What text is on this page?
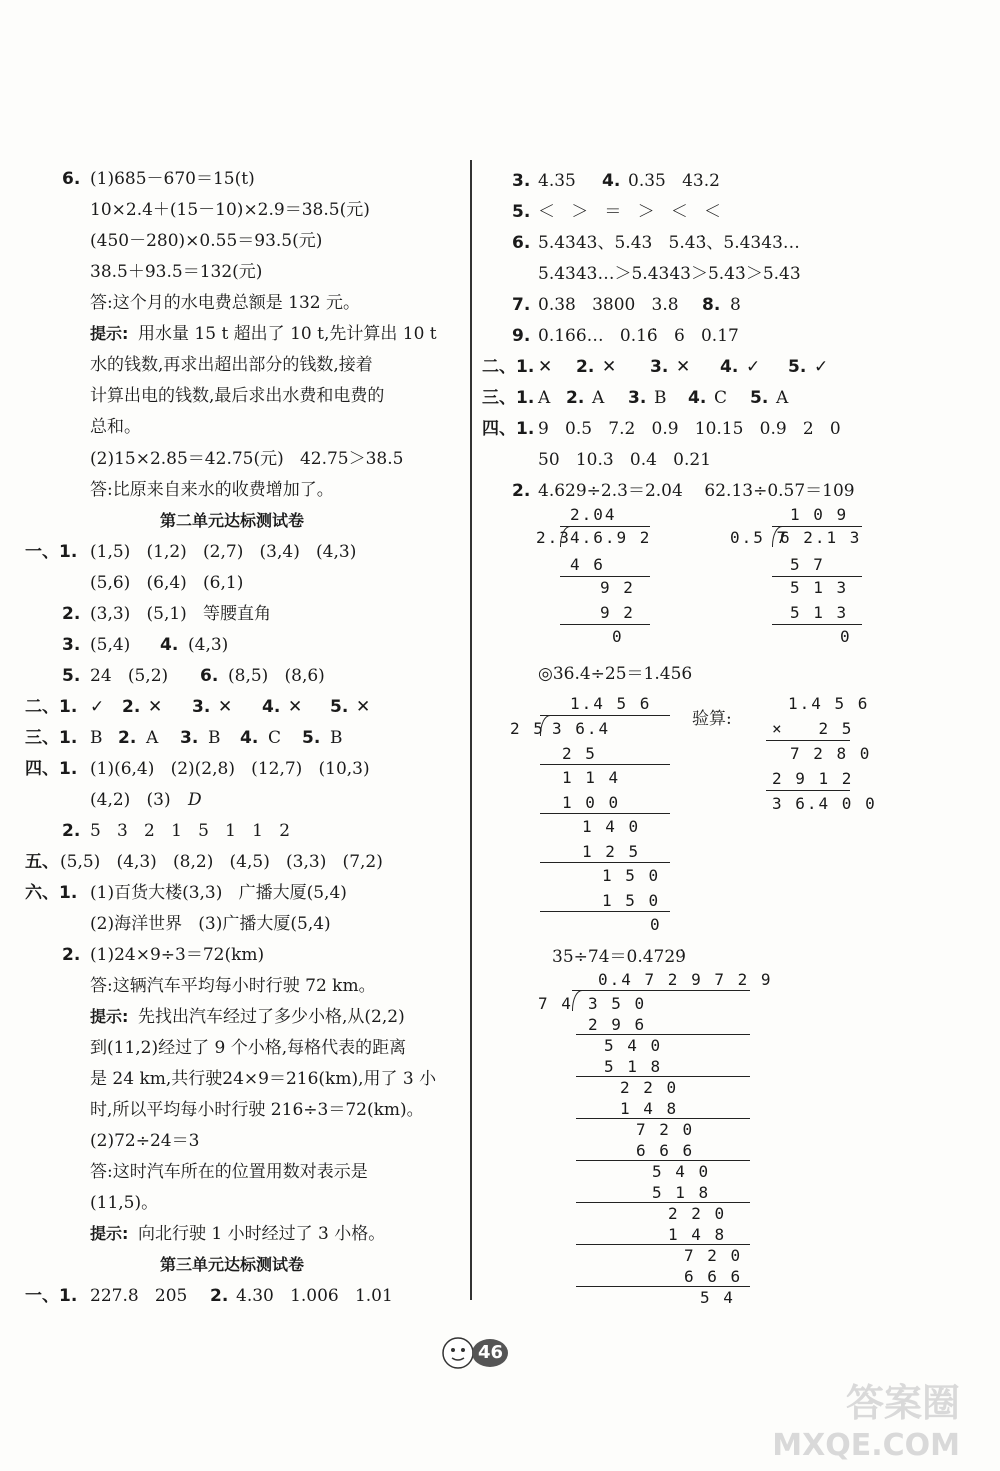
6. (1)685－670＝15(t)
10×2.4＋(15－10)×2.9＝38.5(元)
(450－280)×0.55＝93.5(元)
38.5＋93.5＝132(元)
答:这个月的水电费总额是 132 元。
提示: 用水量 15 t 超出了 10 t,先计算出 10 t
水的钱数,再求出超出部分的钱数,接着
计算出电的钱数,最后求出水费和电费的
总和。
(2)15×2.85＝42.75(元)   42.75＞38.5
答:比原来自来水的收费增加了。
第二单元达标测试卷
一、1. (1,5)   (1,2)   (2,7)   (3,4)   (4,3)
(5,6)   (6,4)   (6,1)
2. (3,3)   (5,1)   等腰直角
3. (5,4) 4. (4,3)
5. 24   (5,2) 6. (8,5)   (8,6)
二、1. ✓ 2. ✕ 3. ✕ 4. ✕ 5. ✕
三、1. B 2. A 3. B 4. C 5. B
四、1. (1)(6,4)   (2)(2,8)   (12,7)   (10,3)
(4,2)   (3) D
2. 5   3   2   1   5   1   1   2
五、 (5,5)   (4,3)   (8,2)   (4,5)   (3,3)   (7,2)
六、1. (1)百货大楼(3,3)   广播大厦(5,4)
(2)海洋世界   (3)广播大厦(5,4)
2. (1)24×9÷3＝72(km)
答:这辆汽车平均每小时行驶 72 km。
提示: 先找出汽车经过了多少小格,从(2,2)
到(11,2)经过了 9 个小格,每格代表的距离
是 24 km,共行驶24×9＝216(km),用了 3 小
时,所以平均每小时行驶 216÷3＝72(km)。
(2)72÷24＝3
答:这时汽车所在的位置用数对表示是
(11,5)。
提示: 向北行驶 1 小时经过了 3 小格。
第三单元达标测试卷
一、1. 227.8   205 2. 4.30   1.006   1.01
3. 4.35 4. 0.35   43.2
5. ＜   ＞   ＝   ＞   ＜   ＜
6. 5.4343、5.43   5.43̇、5.4343…
5.4343…＞5.4343＞5.43̇＞5.43
7. 0.38   3800   3.8 8. 8
9. 0.166…   0.16̇   6   0.17
二、1. ✕ 2. ✕ 3. ✕ 4. ✓ 5. ✓
三、1. A 2. A 3. B 4. C 5. A
四、1. 9   0.5   7.2   0.9   10.15   0.9   2   0
50   10.3   0.4   0.21
2. 4.629÷2.3＝2.04    62.13÷0.57＝109
2.04
2.3 4.6.9 2
4 6
9 2
9 2
0
1 0 9
0.5 7
6 2.1 3
5 7
5 1 3
5 1 3
0
◎36.4÷25＝1.456
1.4 5 6
2 5 3 6.4
2 5
1 1 4
1 0 0
1 4 0
1 2 5
1 5 0
1 5 0
0
验算:
1.4 5 6
×   2 5
7 2 8 0
2 9 1 2
3 6.4 0 0
35÷74＝0.4729̇
0.4 7 2 9 7 2 9
7 4 3 5 0
2 9 6
5 4 0
5 1 8
2 2 0
1 4 8
7 2 0
6 6 6
5 4 0
5 1 8
2 2 0
1 4 8
7 2 0
6 6 6
5 4
46
答案圈
MXQE.COM
